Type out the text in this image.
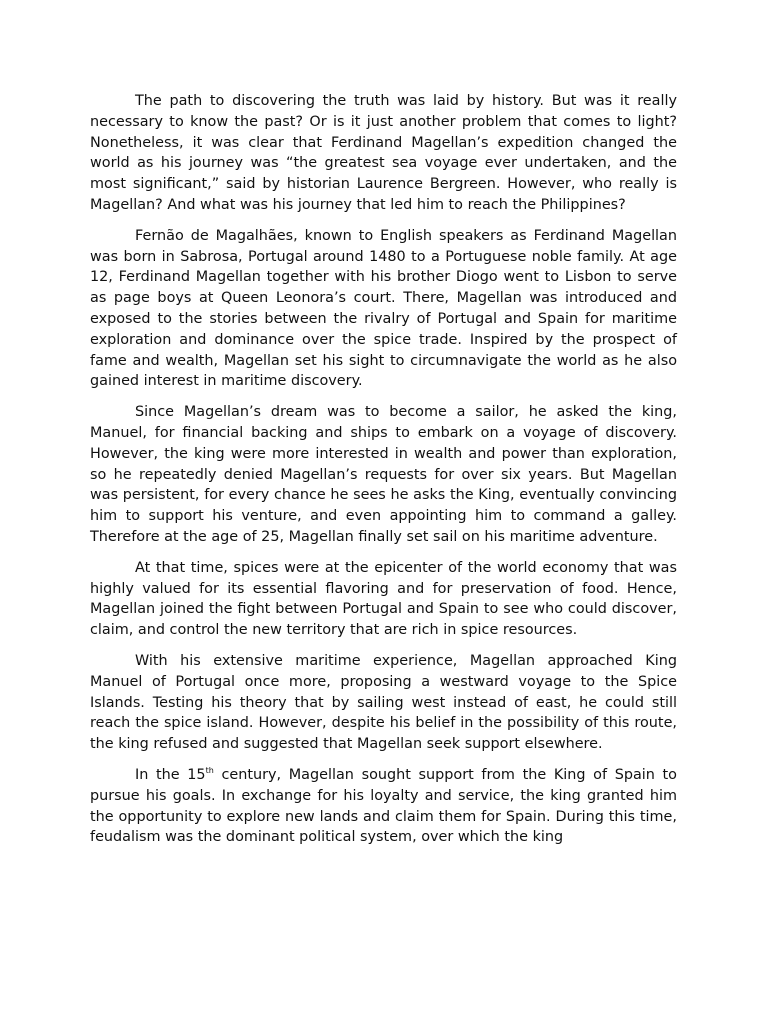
The path to discovering the truth was laid by history. But was it really necessary to know the past? Or is it just another problem that comes to light? Nonetheless, it was clear that Ferdinand Magellan’s expedition changed the world as his journey was “the greatest sea voyage ever undertaken, and the most significant,” said by historian Laurence Bergreen. However, who really is Magellan? And what was his journey that led him to reach the Philippines?

Fernão de Magalhães, known to English speakers as Ferdinand Magellan was born in Sabrosa, Portugal around 1480 to a Portuguese noble family. At age 12, Ferdinand Magellan together with his brother Diogo went to Lisbon to serve as page boys at Queen Leonora’s court. There, Magellan was introduced and exposed to the stories between the rivalry of Portugal and Spain for maritime exploration and dominance over the spice trade. Inspired by the prospect of fame and wealth, Magellan set his sight to circumnavigate the world as he also gained interest in maritime discovery.

Since Magellan’s dream was to become a sailor, he asked the king, Manuel, for financial backing and ships to embark on a voyage of discovery. However, the king were more interested in wealth and power than exploration, so he repeatedly denied Magellan’s requests for over six years. But Magellan was persistent, for every chance he sees he asks the King, eventually convincing him to support his venture, and even appointing him to command a galley. Therefore at the age of 25, Magellan finally set sail on his maritime adventure.

At that time, spices were at the epicenter of the world economy that was highly valued for its essential flavoring and for preservation of food. Hence, Magellan joined the fight between Portugal and Spain to see who could discover, claim, and control the new territory that are rich in spice resources.

With his extensive maritime experience, Magellan approached King Manuel of Portugal once more, proposing a westward voyage to the Spice Islands. Testing his theory that by sailing west instead of east, he could still reach the spice island. However, despite his belief in the possibility of this route, the king refused and suggested that Magellan seek support elsewhere.

In the 15th century, Magellan sought support from the King of Spain to pursue his goals. In exchange for his loyalty and service, the king granted him the opportunity to explore new lands and claim them for Spain. During this time, feudalism was the dominant political system, over which the king
